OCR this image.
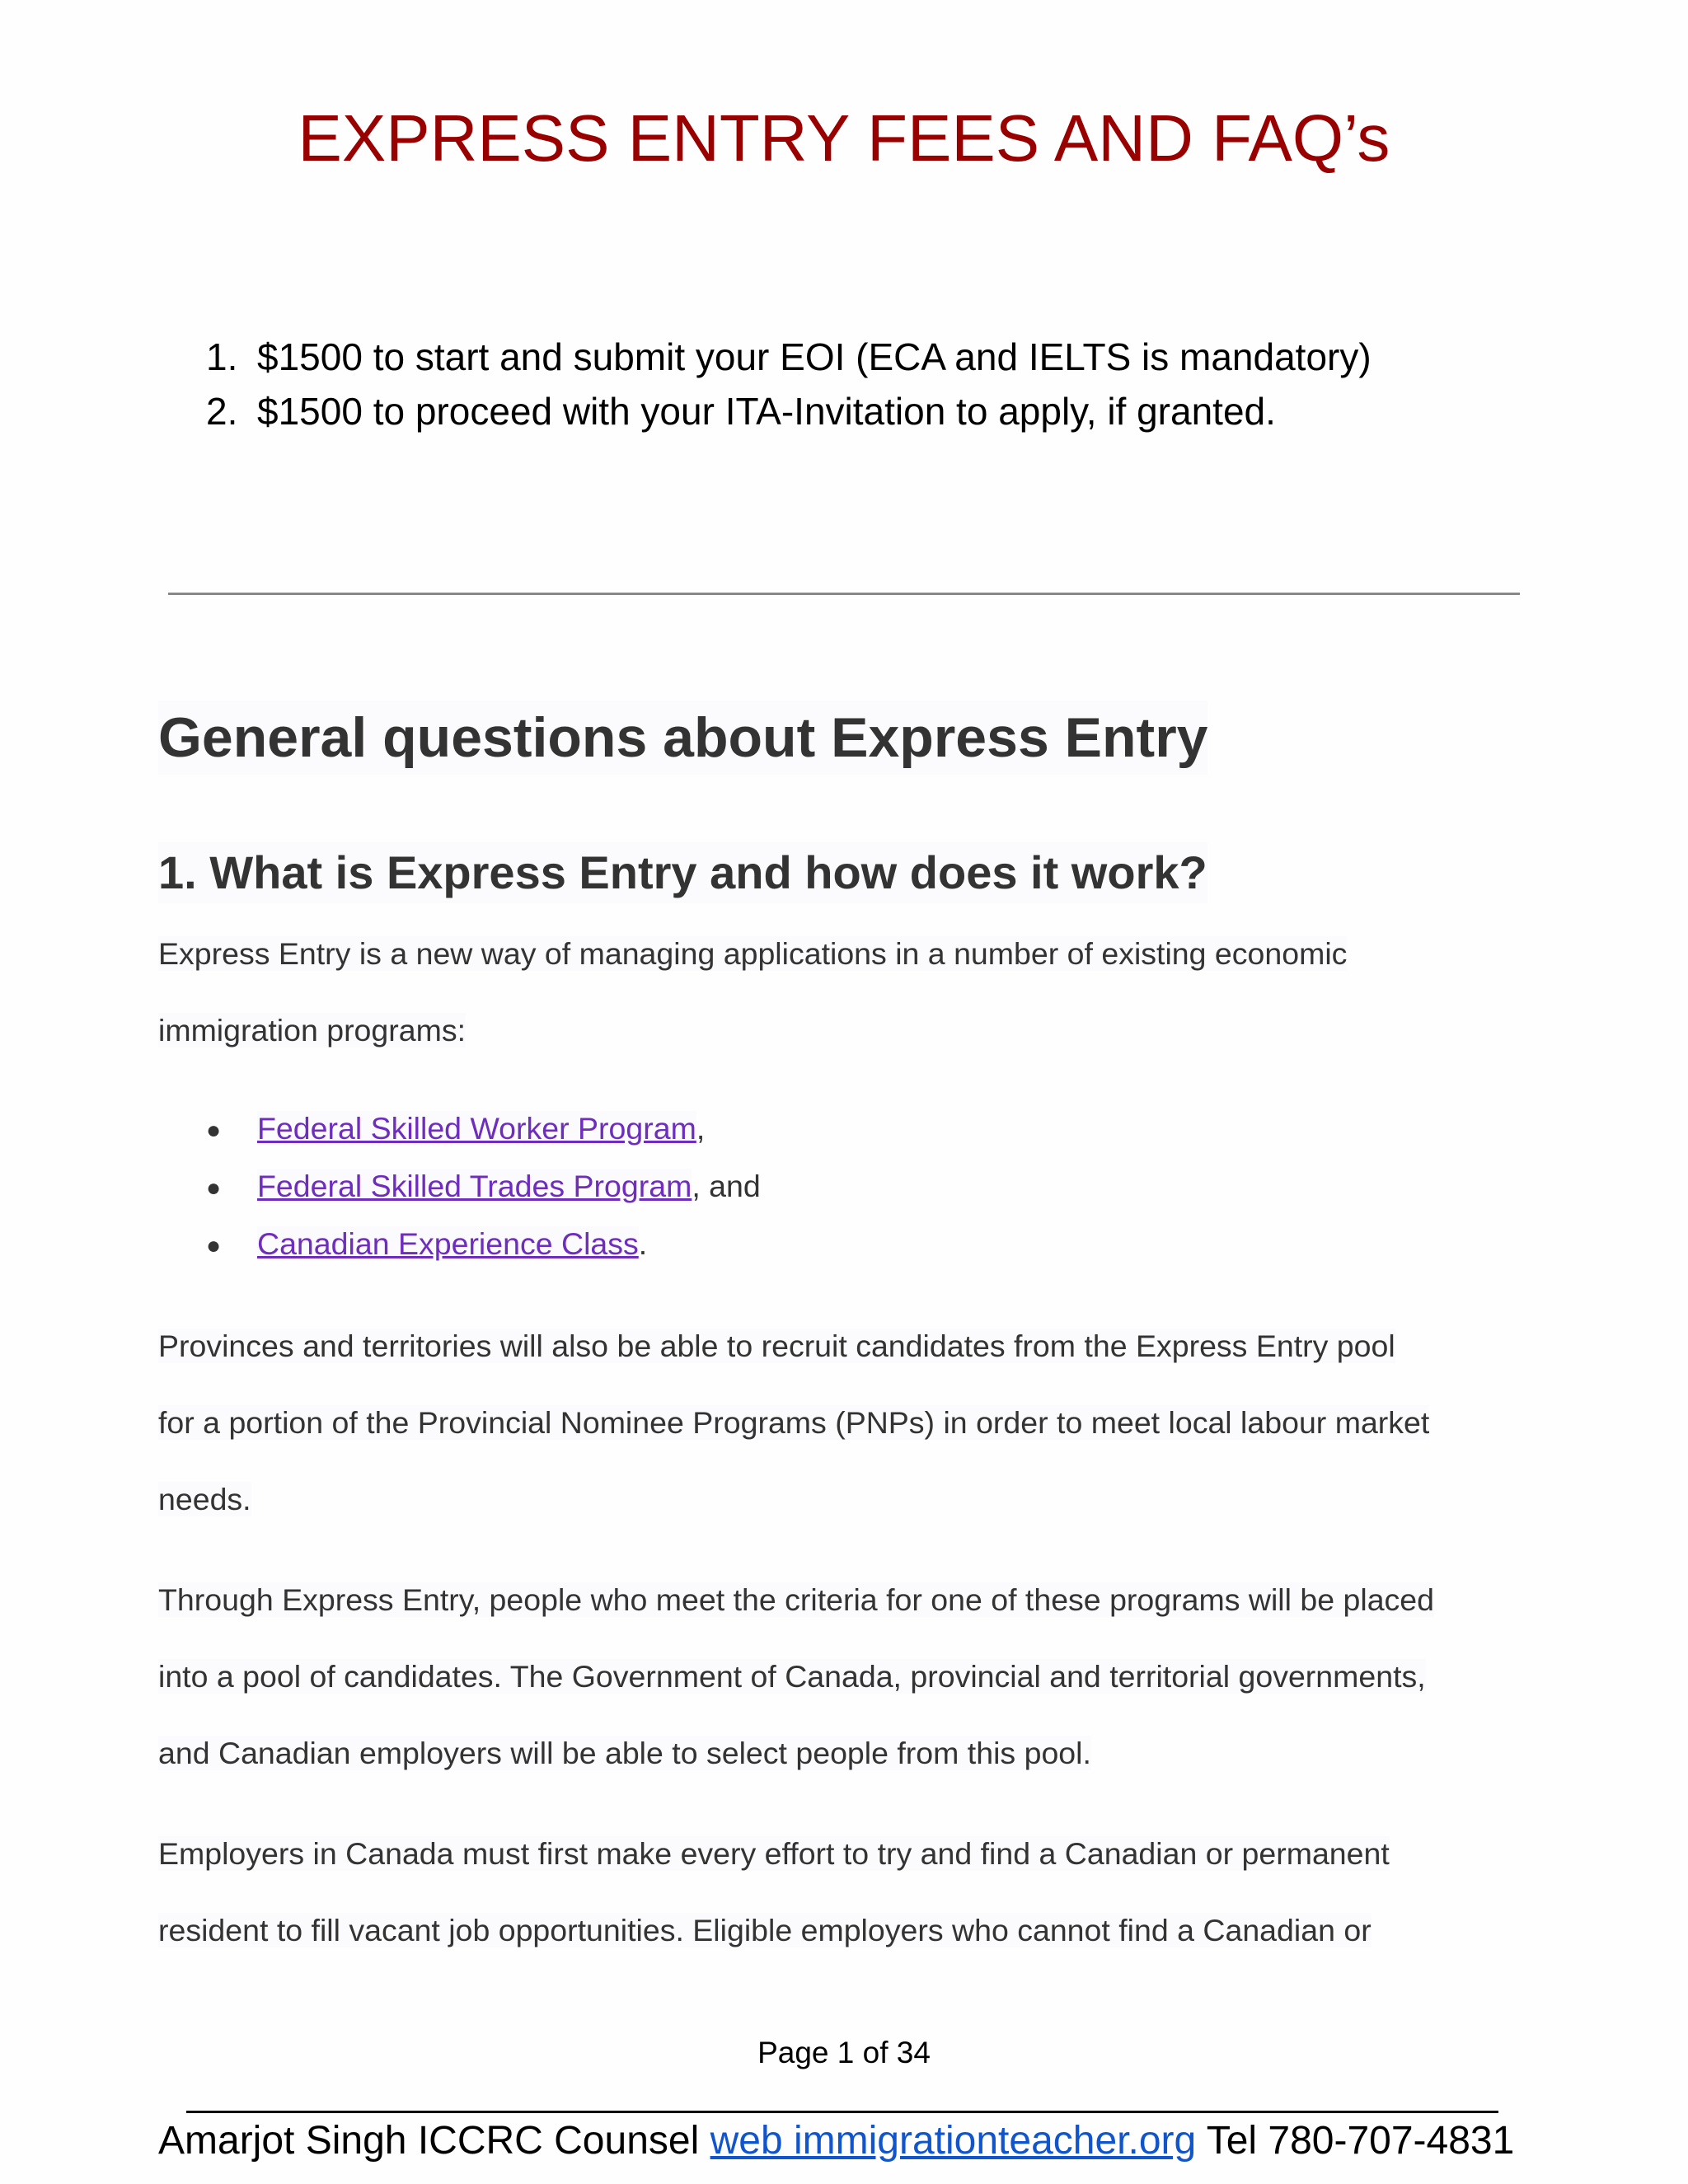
EXPRESS ENTRY FEES AND FAQ’s
1. $1500 to start and submit your EOI (ECA and IELTS is mandatory)
2. $1500 to proceed with your ITA-Invitation to apply, if granted.
General questions about Express Entry
1. What is Express Entry and how does it work?
Express Entry is a new way of managing applications in a number of existing economic
immigration programs:
● Federal Skilled Worker Program,
● Federal Skilled Trades Program, and
● Canadian Experience Class.
Provinces and territories will also be able to recruit candidates from the Express Entry pool
for a portion of the Provincial Nominee Programs (PNPs) in order to meet local labour market
needs.
Through Express Entry, people who meet the criteria for one of these programs will be placed
into a pool of candidates. The Government of Canada, provincial and territorial governments,
and Canadian employers will be able to select people from this pool.
Employers in Canada must first make every effort to try and find a Canadian or permanent
resident to fill vacant job opportunities. Eligible employers who cannot find a Canadian or
Page 1 of 34
Amarjot Singh ICCRC Counsel web immigrationteacher.org Tel 780-707-4831
